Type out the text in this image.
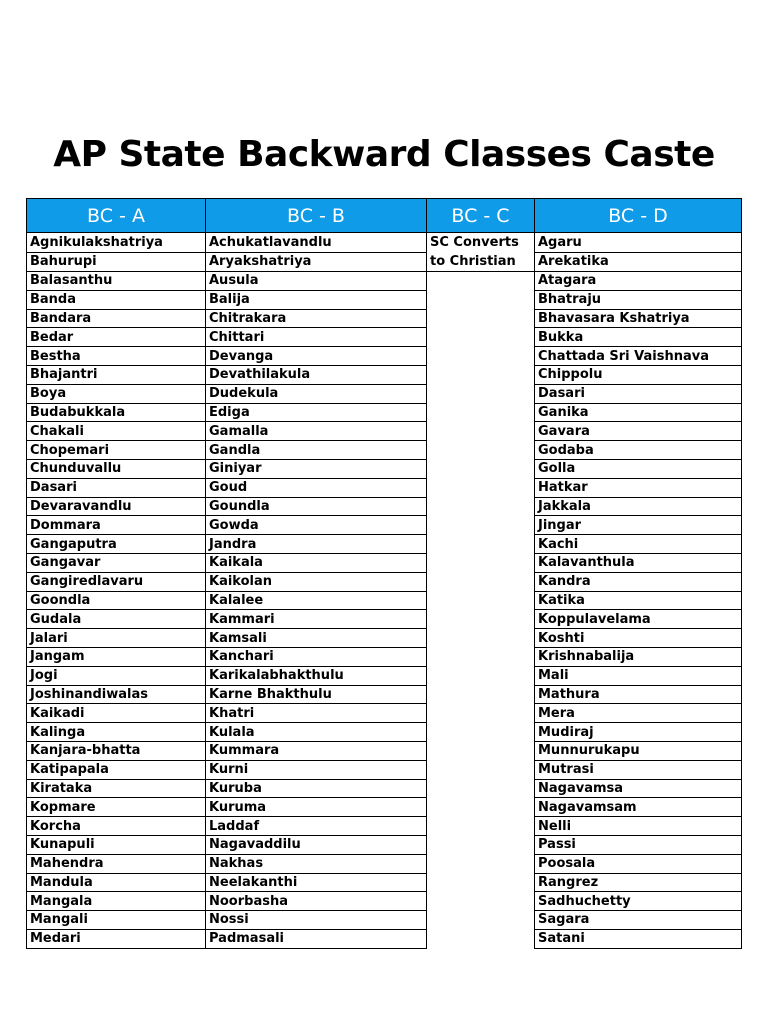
AP State Backward Classes Caste
BC - A	BC - B	BC - C	BC - D
Agnikulakshatriya	Achukatlavandlu	SC Converts to Christian	Agaru
Bahurupi	Aryakshatriya		Arekatika
Balasanthu	Ausula		Atagara
Banda	Balija		Bhatraju
Bandara	Chitrakara		Bhavasara Kshatriya
Bedar	Chittari		Bukka
Bestha	Devanga		Chattada Sri Vaishnava
Bhajantri	Devathilakula		Chippolu
Boya	Dudekula		Dasari
Budabukkala	Ediga		Ganika
Chakali	Gamalla		Gavara
Chopemari	Gandla		Godaba
Chunduvallu	Giniyar		Golla
Dasari	Goud		Hatkar
Devaravandlu	Goundla		Jakkala
Dommara	Gowda		Jingar
Gangaputra	Jandra		Kachi
Gangavar	Kaikala		Kalavanthula
Gangiredlavaru	Kaikolan		Kandra
Goondla	Kalalee		Katika
Gudala	Kammari		Koppulavelama
Jalari	Kamsali		Koshti
Jangam	Kanchari		Krishnabalija
Jogi	Karikalabhakthulu		Mali
Joshinandiwalas	Karne Bhakthulu		Mathura
Kaikadi	Khatri		Mera
Kalinga	Kulala		Mudiraj
Kanjara-bhatta	Kummara		Munnurukapu
Katipapala	Kurni		Mutrasi
Kirataka	Kuruba		Nagavamsa
Kopmare	Kuruma		Nagavamsam
Korcha	Laddaf		Nelli
Kunapuli	Nagavaddilu		Passi
Mahendra	Nakhas		Poosala
Mandula	Neelakanthi		Rangrez
Mangala	Noorbasha		Sadhuchetty
Mangali	Nossi		Sagara
Medari	Padmasali		Satani
